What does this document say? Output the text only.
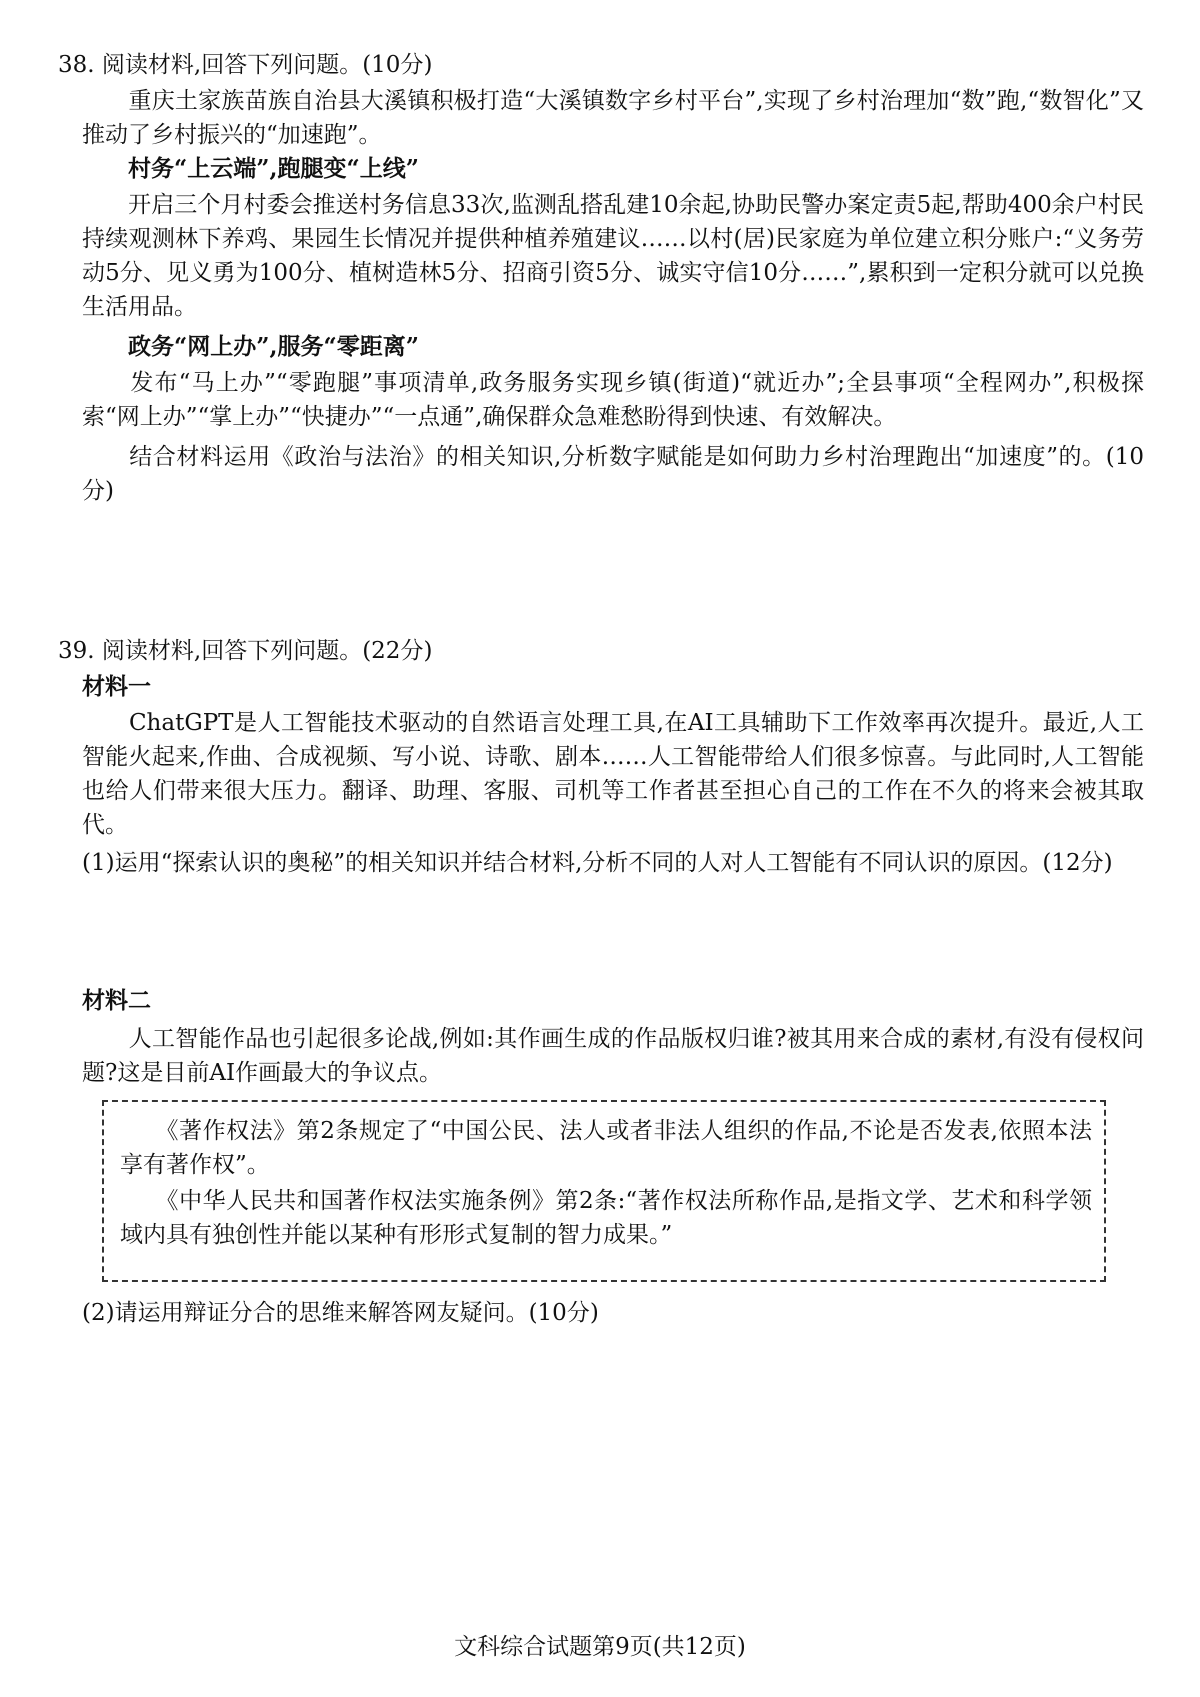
38. 阅读材料,回答下列问题。(10分)

　　重庆土家族苗族自治县大溪镇积极打造“大溪镇数字乡村平台”,实现了乡村治理加“数”跑,“数智化”又推动了乡村振兴的“加速跑”。

　　村务“上云端”,跑腿变“上线”

　　开启三个月村委会推送村务信息33次,监测乱搭乱建10余起,协助民警办案定责5起,帮助400余户村民持续观测林下养鸡、果园生长情况并提供种植养殖建议……以村(居)民家庭为单位建立积分账户:“义务劳动5分、见义勇为100分、植树造林5分、招商引资5分、诚实守信10分……”,累积到一定积分就可以兑换生活用品。

　　政务“网上办”,服务“零距离”

　　发布“马上办”“零跑腿”事项清单,政务服务实现乡镇(街道)“就近办”;全县事项“全程网办”,积极探索“网上办”“掌上办”“快捷办”“一点通”,确保群众急难愁盼得到快速、有效解决。

　　结合材料运用《政治与法治》的相关知识,分析数字赋能是如何助力乡村治理跑出“加速度”的。(10分)

39. 阅读材料,回答下列问题。(22分)

材料一

　　ChatGPT是人工智能技术驱动的自然语言处理工具,在AI工具辅助下工作效率再次提升。最近,人工智能火起来,作曲、合成视频、写小说、诗歌、剧本……人工智能带给人们很多惊喜。与此同时,人工智能也给人们带来很大压力。翻译、助理、客服、司机等工作者甚至担心自己的工作在不久的将来会被其取代。

(1)运用“探索认识的奥秘”的相关知识并结合材料,分析不同的人对人工智能有不同认识的原因。(12分)

材料二

　　人工智能作品也引起很多论战,例如:其作画生成的作品版权归谁?被其用来合成的素材,有没有侵权问题?这是目前AI作画最大的争议点。

　　《著作权法》第2条规定了“中国公民、法人或者非法人组织的作品,不论是否发表,依照本法享有著作权”。

　　《中华人民共和国著作权法实施条例》第2条:“著作权法所称作品,是指文学、艺术和科学领域内具有独创性并能以某种有形形式复制的智力成果。”

(2)请运用辩证分合的思维来解答网友疑问。(10分)

文科综合试题第9页(共12页)
